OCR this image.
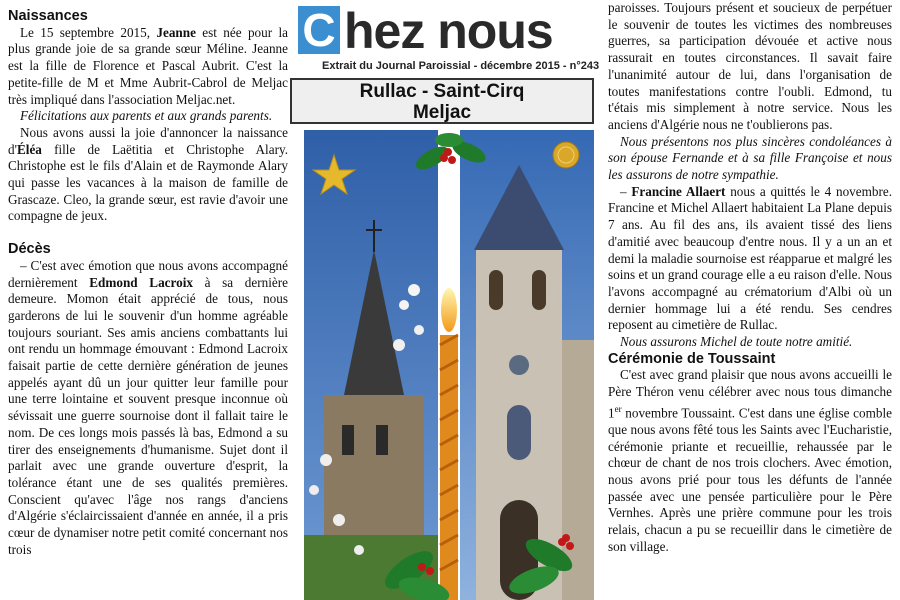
Naissances

Le 15 septembre 2015, Jeanne est née pour la plus grande joie de sa grande sœur Méline. Jeanne est la fille de Florence et Pascal Aubrit. C'est la petite-fille de M et Mme Aubrit-Cabrol de Meljac très impliqué dans l'association Meljac.net.

Félicitations aux parents et aux grands parents.

Nous avons aussi la joie d'annoncer la naissance d'Éléa fille de Laëtitia et Christophe Alary. Christophe est le fils d'Alain et de Raymonde Alary qui passe les vacances à la maison de famille de Grascaze. Cleo, la grande sœur, est ravie d'avoir une compagne de jeux.

Décès

– C'est avec émotion que nous avons accompagné dernièrement Edmond Lacroix à sa dernière demeure. Momon était apprécié de tous, nous garderons de lui le souvenir d'un homme agréable toujours souriant. Ses amis anciens combattants lui ont rendu un hommage émouvant : Edmond Lacroix faisait partie de cette dernière génération de jeunes appelés ayant dû un jour quitter leur famille pour une terre lointaine et souvent presque inconnue où sévissait une guerre sournoise dont il fallait taire le nom. De ces longs mois passés là bas, Edmond a su tirer des enseignements d'humanisme. Sujet dont il parlait avec une grande ouverture d'esprit, la tolérance étant une de ses qualités premières. Conscient qu'avec l'âge nos rangs d'anciens d'Algérie s'éclaircissaient d'année en année, il a pris cœur de dynamiser notre petit comité concernant nos trois

C hez nous
Extrait du Journal Paroissial - décembre 2015 - n°243
Rullac - Saint-Cirq
Meljac

paroisses. Toujours présent et soucieux de perpétuer le souvenir de toutes les victimes des nombreuses guerres, sa participation dévouée et active nous rassurait en toutes circonstances. Il savait faire l'unanimité autour de lui, dans l'organisation de toutes manifestations contre l'oubli. Edmond, tu t'étais mis simplement à notre service. Nous les anciens d'Algérie nous ne t'oublierons pas.

Nous présentons nos plus sincères condoléances à son épouse Fernande et à sa fille Françoise et nous les assurons de notre sympathie.

– Francine Allaert nous a quittés le 4 novembre. Francine et Michel Allaert habitaient La Plane depuis 7 ans. Au fil des ans, ils avaient tissé des liens d'amitié avec beaucoup d'entre nous. Il y a un an et demi la maladie sournoise est réapparue et malgré les soins et un grand courage elle a eu raison d'elle. Nous l'avons accompagné au crématorium d'Albi où un dernier hommage lui a été rendu. Ses cendres reposent au cimetière de Rullac.

Nous assurons Michel de toute notre amitié.

Cérémonie de Toussaint

C'est avec grand plaisir que nous avons accueilli le Père Théron venu célébrer avec nous tous dimanche 1er novembre Toussaint. C'est dans une église comble que nous avons fêté tous les Saints avec l'Eucharistie, cérémonie priante et recueillie, rehaussée par le chœur de chant de nos trois clochers. Avec émotion, nous avons prié pour tous les défunts de l'année passée avec une pensée particulière pour le Père Vernhes. Après une prière commune pour les trois relais, chacun a pu se recueillir dans le cimetière de son village.
